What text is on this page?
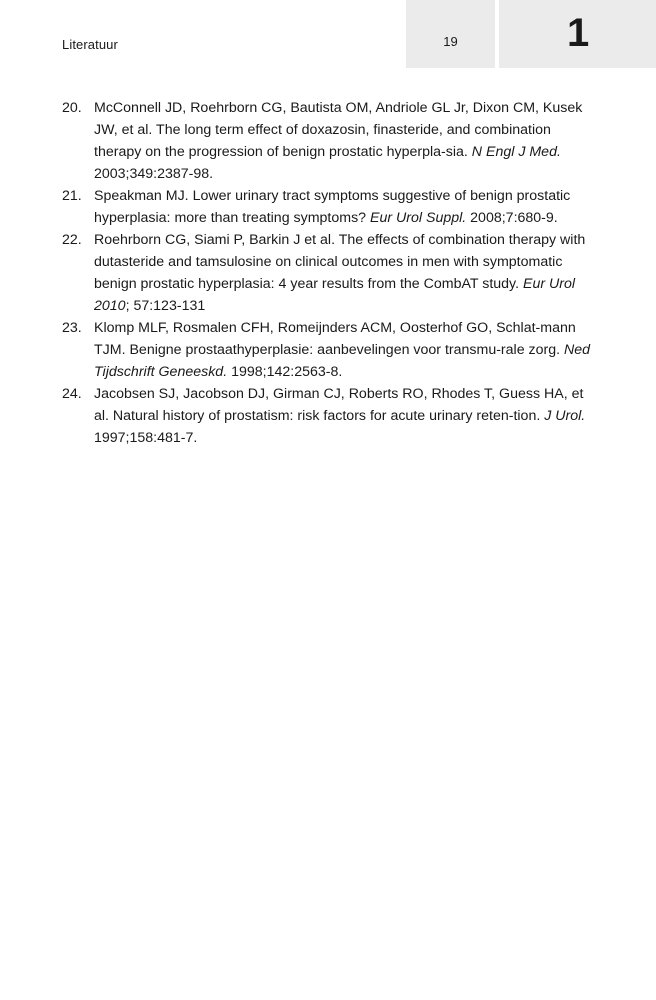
Literatuur	19	1
20. McConnell JD, Roehrborn CG, Bautista OM, Andriole GL Jr, Dixon CM, Kusek JW, et al. The long term effect of doxazosin, finasteride, and combination therapy on the progression of benign prostatic hyperpla-sia. N Engl J Med. 2003;349:2387-98.
21. Speakman MJ. Lower urinary tract symptoms suggestive of benign prostatic hyperplasia: more than treating symptoms? Eur Urol Suppl. 2008;7:680-9.
22. Roehrborn CG, Siami P, Barkin J et al. The effects of combination therapy with dutasteride and tamsulosine on clinical outcomes in men with symptomatic benign prostatic hyperplasia: 4 year results from the CombAT study. Eur Urol 2010; 57:123-131
23. Klomp MLF, Rosmalen CFH, Romeijnders ACM, Oosterhof GO, Schlat-mann TJM. Benigne prostaathyperplasie: aanbevelingen voor transmu-rale zorg. Ned Tijdschrift Geneeskd. 1998;142:2563-8.
24. Jacobsen SJ, Jacobson DJ, Girman CJ, Roberts RO, Rhodes T, Guess HA, et al. Natural history of prostatism: risk factors for acute urinary reten-tion. J Urol. 1997;158:481-7.
